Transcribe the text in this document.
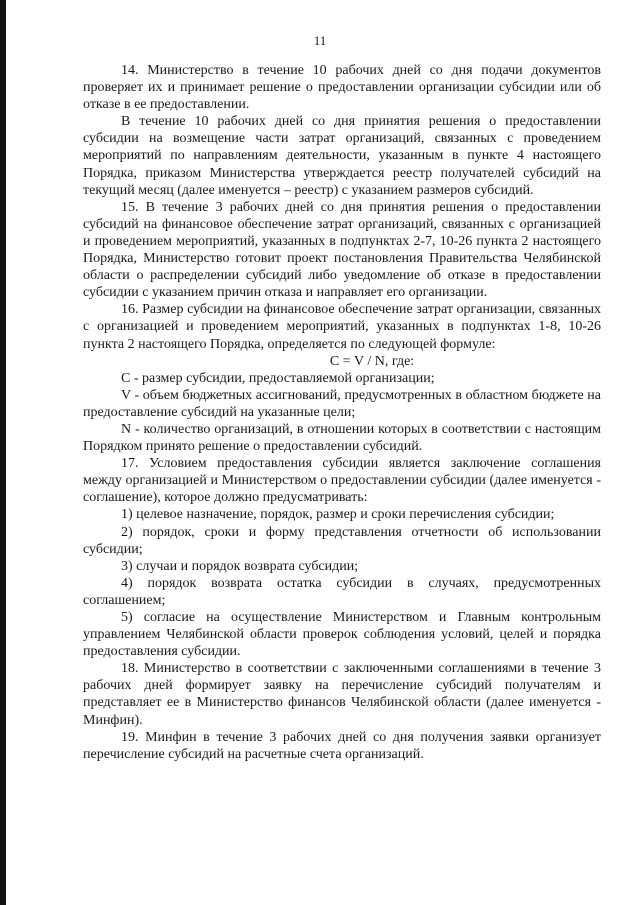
11

14. Министерство в течение 10 рабочих дней со дня подачи документов проверяет их и принимает решение о предоставлении организации субсидии или об отказе в ее предоставлении.

В течение 10 рабочих дней со дня принятия решения о предоставлении субсидии на возмещение части затрат организаций, связанных с проведением мероприятий по направлениям деятельности, указанным в пункте 4 настоящего Порядка, приказом Министерства утверждается реестр получателей субсидий на текущий месяц (далее именуется – реестр) с указанием размеров субсидий.

15. В течение 3 рабочих дней со дня принятия решения о предоставлении субсидий на финансовое обеспечение затрат организаций, связанных с организацией и проведением мероприятий, указанных в подпунктах 2-7, 10-26 пункта 2 настоящего Порядка, Министерство готовит проект постановления Правительства Челябинской области о распределении субсидий либо уведомление об отказе в предоставлении субсидии с указанием причин отказа и направляет его организации.

16. Размер субсидии на финансовое обеспечение затрат организации, связанных с организацией и проведением мероприятий, указанных в подпунктах 1-8, 10-26 пункта 2 настоящего Порядка, определяется по следующей формуле:

С = V / N, где:

С - размер субсидии, предоставляемой организации;

V - объем бюджетных ассигнований, предусмотренных в областном бюджете на предоставление субсидий на указанные цели;

N - количество организаций, в отношении которых в соответствии с настоящим Порядком принято решение о предоставлении субсидий.

17. Условием предоставления субсидии является заключение соглашения между организацией и Министерством о предоставлении субсидии (далее именуется - соглашение), которое должно предусматривать:

1) целевое назначение, порядок, размер и сроки перечисления субсидии;

2) порядок, сроки и форму представления отчетности об использовании субсидии;

3) случаи и порядок возврата субсидии;

4) порядок возврата остатка субсидии в случаях, предусмотренных соглашением;

5) согласие на осуществление Министерством и Главным контрольным управлением Челябинской области проверок соблюдения условий, целей и порядка предоставления субсидии.

18. Министерство в соответствии с заключенными соглашениями в течение 3 рабочих дней формирует заявку на перечисление субсидий получателям и представляет ее в Министерство финансов Челябинской области (далее именуется - Минфин).

19. Минфин в течение 3 рабочих дней со дня получения заявки организует перечисление субсидий на расчетные счета организаций.
